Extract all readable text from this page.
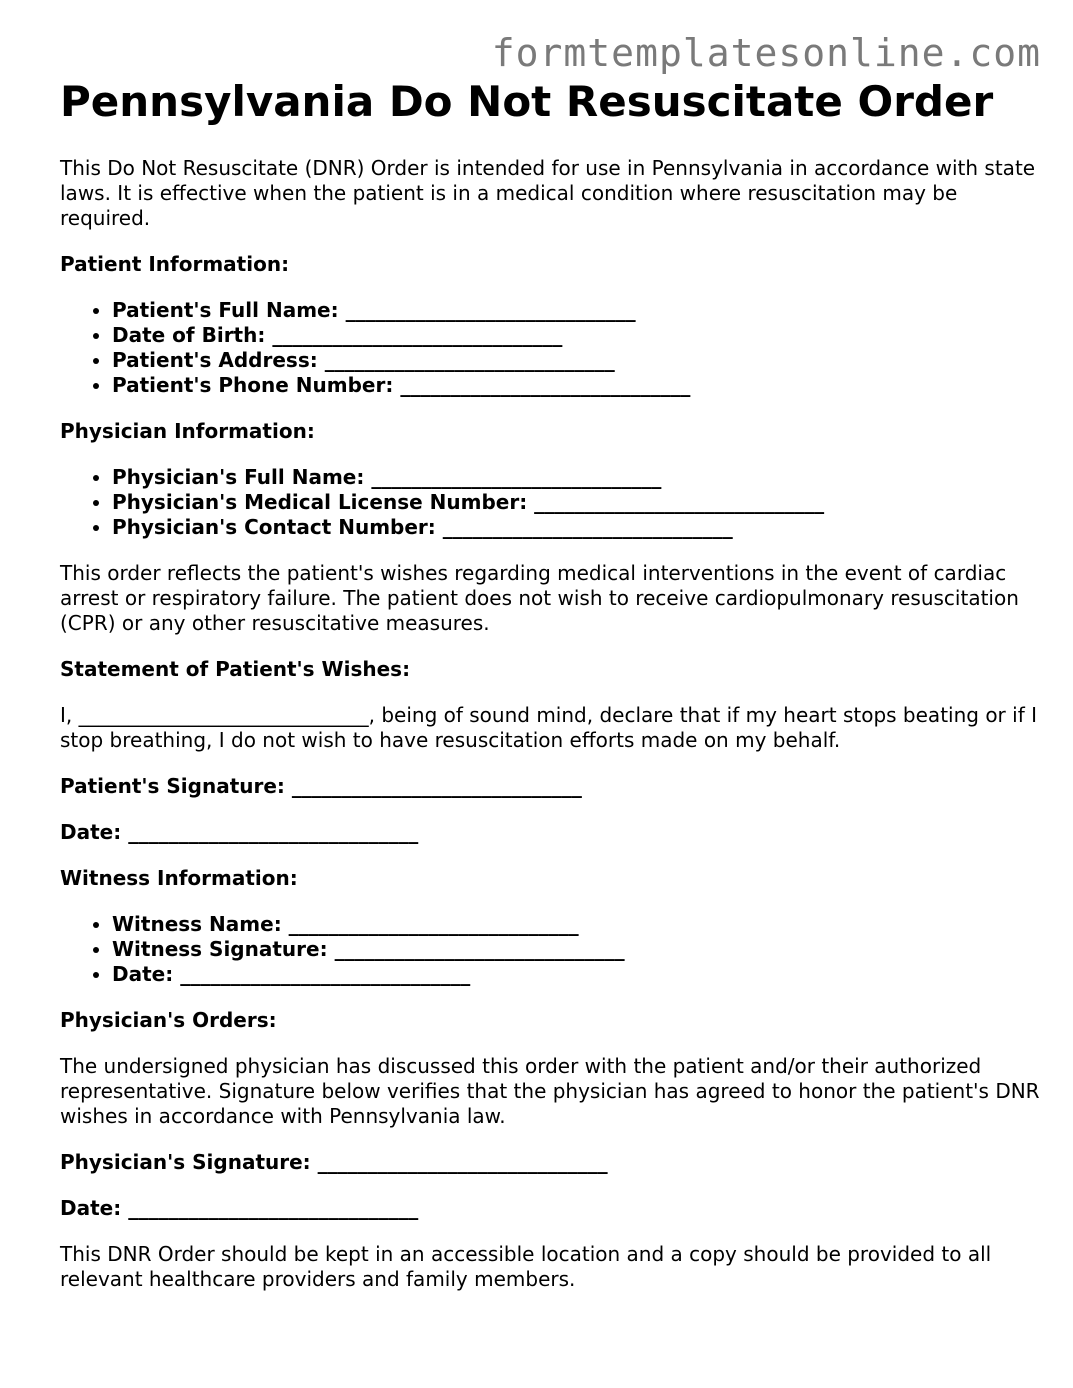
formtemplatesonline.com
Pennsylvania Do Not Resuscitate Order

This Do Not Resuscitate (DNR) Order is intended for use in Pennsylvania in accordance with state laws. It is effective when the patient is in a medical condition where resuscitation may be required.

Patient Information:

• Patient's Full Name: _____________________________
• Date of Birth: _____________________________
• Patient's Address: _____________________________
• Patient's Phone Number: _____________________________

Physician Information:

• Physician's Full Name: _____________________________
• Physician's Medical License Number: _____________________________
• Physician's Contact Number: _____________________________

This order reflects the patient's wishes regarding medical interventions in the event of cardiac arrest or respiratory failure. The patient does not wish to receive cardiopulmonary resuscitation (CPR) or any other resuscitative measures.

Statement of Patient's Wishes:

I, _____________________________, being of sound mind, declare that if my heart stops beating or if I stop breathing, I do not wish to have resuscitation efforts made on my behalf.

Patient's Signature: _____________________________

Date: _____________________________

Witness Information:

• Witness Name: _____________________________
• Witness Signature: _____________________________
• Date: _____________________________

Physician's Orders:

The undersigned physician has discussed this order with the patient and/or their authorized representative. Signature below verifies that the physician has agreed to honor the patient's DNR wishes in accordance with Pennsylvania law.

Physician's Signature: _____________________________

Date: _____________________________

This DNR Order should be kept in an accessible location and a copy should be provided to all relevant healthcare providers and family members.
